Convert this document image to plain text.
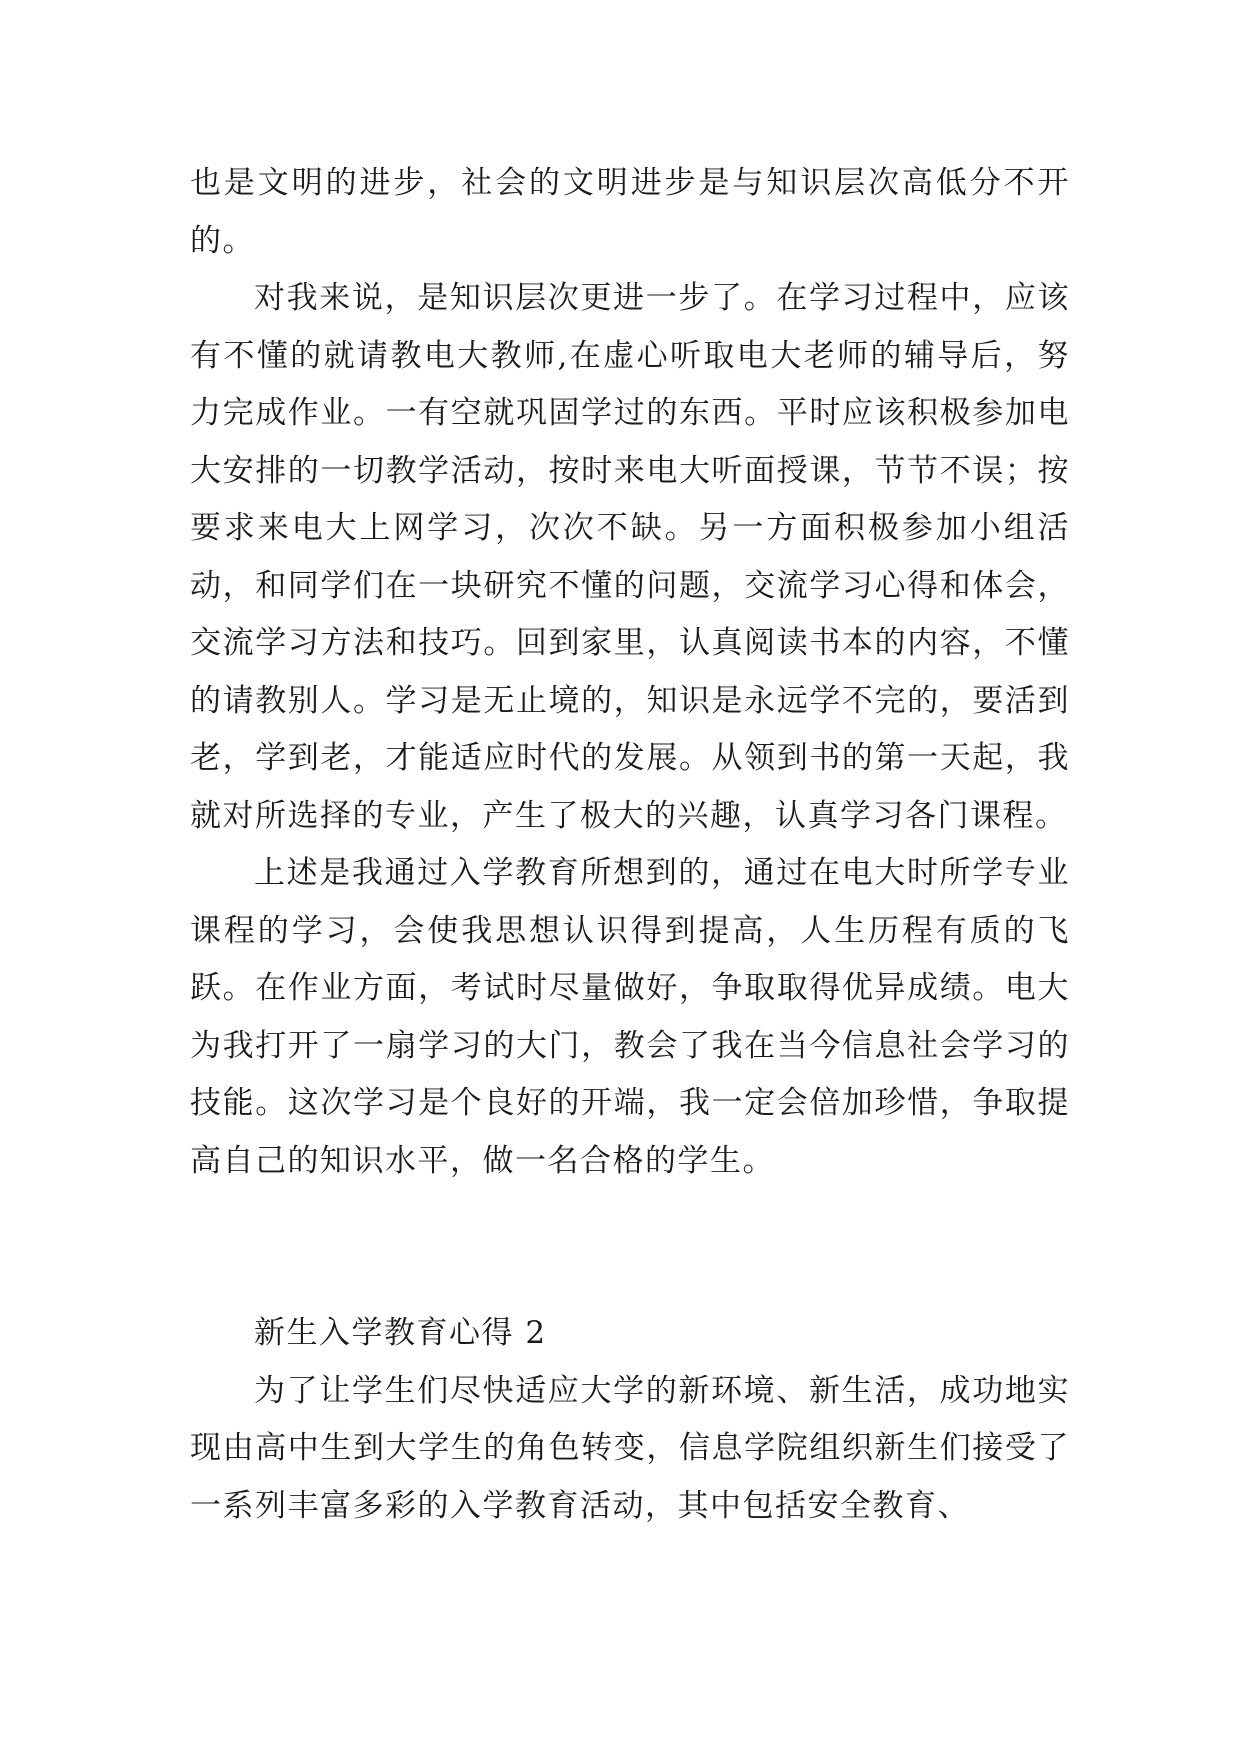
也是文明的进步，社会的文明进步是与知识层次高低分不开的。

对我来说，是知识层次更进一步了。在学习过程中，应该有不懂的就请教电大教师,在虚心听取电大老师的辅导后，努力完成作业。一有空就巩固学过的东西。平时应该积极参加电大安排的一切教学活动，按时来电大听面授课，节节不误；按要求来电大上网学习，次次不缺。另一方面积极参加小组活动，和同学们在一块研究不懂的问题，交流学习心得和体会，交流学习方法和技巧。回到家里，认真阅读书本的内容，不懂的请教别人。学习是无止境的，知识是永远学不完的，要活到老，学到老，才能适应时代的发展。从领到书的第一天起，我就对所选择的专业，产生了极大的兴趣，认真学习各门课程。

上述是我通过入学教育所想到的，通过在电大时所学专业课程的学习，会使我思想认识得到提高，人生历程有质的飞跃。在作业方面，考试时尽量做好，争取取得优异成绩。电大为我打开了一扇学习的大门，教会了我在当今信息社会学习的技能。这次学习是个良好的开端，我一定会倍加珍惜，争取提高自己的知识水平，做一名合格的学生。

新生入学教育心得 2

为了让学生们尽快适应大学的新环境、新生活，成功地实现由高中生到大学生的角色转变，信息学院组织新生们接受了一系列丰富多彩的入学教育活动，其中包括安全教育、
